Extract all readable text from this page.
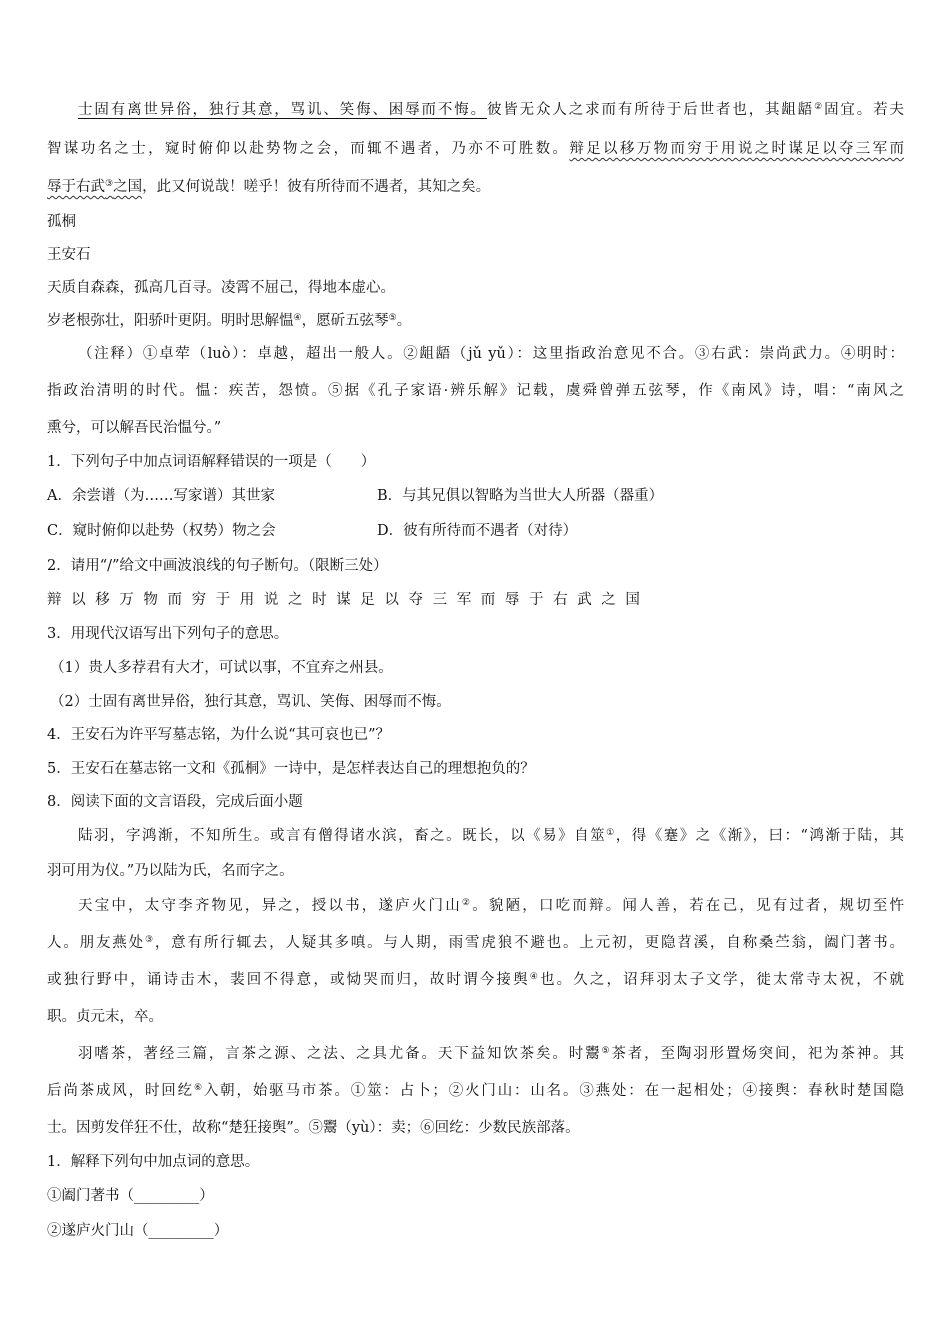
士固有离世异俗，独行其意，骂讥、笑侮、困辱而不悔。彼皆无众人之求而有所待于后世者也，其龃龉②固宜。若夫
智谋功名之士，窥时俯仰以赴势物之会，而辄不遇者，乃亦不可胜数。辩足以移万物而穷于用说之时谋足以夺三军而
辱于右武③之国，此又何说哉！嗟乎！彼有所待而不遇者，其知之矣。
孤桐
王安石
天质自森森，孤高几百寻。凌霄不屈己，得地本虚心。
岁老根弥壮，阳骄叶更阴。明时思解愠④，愿斫五弦琴⑤。
（注释）①卓荦（luò）：卓越，超出一般人。②龃龉（jǔ yǔ）：这里指政治意见不合。③右武：崇尚武力。④明时：
指政治清明的时代。愠：疾苦，怨愤。⑤据《孔子家语·辨乐解》记载，虞舜曾弹五弦琴，作《南风》诗，唱：“南风之
熏兮，可以解吾民治愠兮。”
1．下列句子中加点词语解释错误的一项是（　　）
A．余尝谱（为……写家谱）其世家	B．与其兄俱以智略为当世大人所器（器重）
C．窥时俯仰以赴势（权势）物之会	D．彼有所待而不遇者（对待）
2．请用“/”给文中画波浪线的句子断句。（限断三处）
辩以移万物而穷于用说之时谋足以夺三军而辱于右武之国
3．用现代汉语写出下列句子的意思。
（1）贵人多荐君有大才，可试以事，不宜弃之州县。
（2）士固有离世异俗，独行其意，骂讥、笑侮、困辱而不悔。
4．王安石为许平写墓志铭，为什么说“其可哀也已”？
5．王安石在墓志铭一文和《孤桐》一诗中，是怎样表达自己的理想抱负的？
8．阅读下面的文言语段，完成后面小题
陆羽，字鸿渐，不知所生。或言有僧得诸水滨，畜之。既长，以《易》自筮①，得《蹇》之《渐》，曰：“鸿渐于陆，其
羽可用为仪。”乃以陆为氏，名而字之。
天宝中，太守李齐物见，异之，授以书，遂庐火门山②。貌陋，口吃而辩。闻人善，若在己，见有过者，规切至忤
人。朋友燕处③，意有所行辄去，人疑其多嗔。与人期，雨雪虎狼不避也。上元初，更隐苕溪，自称桑苎翁，阖门著书。
或独行野中，诵诗击木，裴回不得意，或恸哭而归，故时谓今接舆④也。久之，诏拜羽太子文学，徙太常寺太祝，不就
职。贞元末，卒。
羽嗜茶，著经三篇，言茶之源、之法、之具尤备。天下益知饮茶矣。时鬻⑤茶者，至陶羽形置炀突间，祀为茶神。其
后尚茶成风，时回纥⑥入朝，始驱马市茶。①筮：占卜；②火门山：山名。③燕处：在一起相处；④接舆：春秋时楚国隐
士。因剪发佯狂不仕，故称“楚狂接舆”。⑤鬻（yù）：卖；⑥回纥：少数民族部落。
1．解释下列句中加点词的意思。
①阖门著书（_________）
②遂庐火门山（_________）
